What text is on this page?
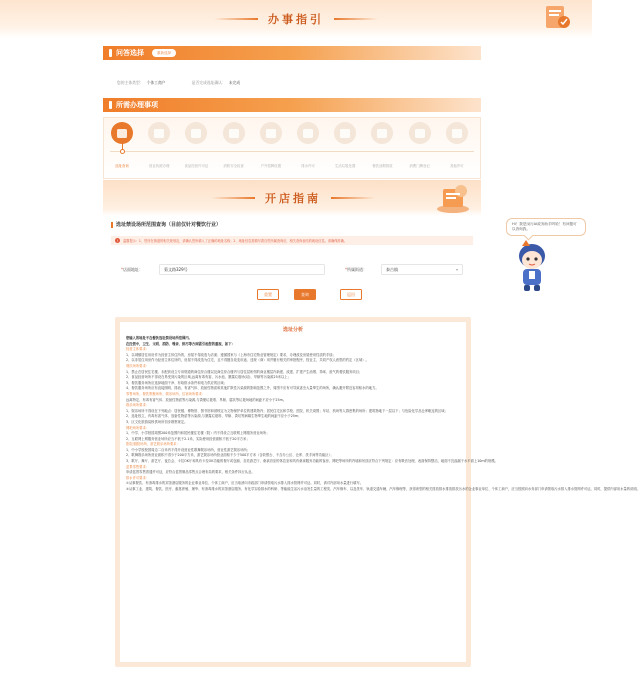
办事指引
问答选择	重新选择
您的主体类型： 个体工商户	是否完成选址确认： 未完成
所需办理事项
选址查询	营业执照办理	食品经营许可证	消防安全检查	户外招牌设置	排水许可	生活垃圾处置	餐饮油烟排放	消费门牌登记	其他许可
开店指南
选址禁设场所范围查询（目前仅针对餐饮行业）
!	温馨提示：1、您所在街道的相关规划及，请确认您所填入了正确的地址名称；2、地址信息需填写着自您所属查询后，相关查询表结的地址信息。请确保准确。
*店面地址：
菊文路329号	*所属街道：	泰古镇	▾
重置	查询	返回
选址分析
您输入的地址不在餐饮选址禁设场所范围内。
在经营中，卫生、文明、消防、噪音、排污等方面需引起您的重视，如下：
经营主体要求：
1、以城镇居住用房作为经营主体住所的，房屋不得改造为店面；遵循国家与《上海市住宅物业管理规定》要求，办理改变房屋使用性质的手续；
2、以非居住用房作为经营主体住所的，房屋不得改造为住宅，且不得擅自改变用途、违规（商）用并履行相关的审批程序，按业主、共同产权人意思的约定（区域）。
餐饮场所要求：
1、禁止在居民住宅楼、未配套设立专用烟道的商住综合楼以及商住综合楼内与居住层相邻的商业楼层内新建、改建、扩建产生油烟、异味、废气的餐饮服务项目；
2、食品经营场所不得设在易受到污染的区域,远离有毒有害、污水池、暴露垃圾场(站)、旱厕等污染源25米以上；
3、餐饮服务场所应选择地面干净、有给排水条件和电力供应的区域；
4、餐饮服务场所应有直接照明、排油、有害气体、放射性物质和其他扩散性污染源的影响范围之外，周围不应有可导致害虫大量孳生的场所，确认避开附近容易积水的地方。
零售场所、餐饮集聚场所、娱乐场所、住宿场所要求：
远离特定、有毒有害气体、放射性物质等污染源,与粪便垃圾堆、旱厕、腐坑等垃圾场地的间距不应小于25m。
娱乐场所要求：
1、娱乐场所不得设在下列地点：居民楼、博物馆、图书馆和被核定为文物保护单位的建筑物内；居民住宅区和学校、医院、机关周围；车站、机场等人群密集的场所；建筑物地下一层以下；与危险化学品仓库毗连的区域；
2、选址校立，有毒有害气体、放射性物质等污染源,与暴露垃圾堆、旱厕、粪坑等病媒生物孳生地的间距不应小于25m；
3、区文化旅游局核供场所初步勘察规定。
网吧场所要求：
1、中学、小学校园周围200米范围内和居民楼住宅楼（院）内不得设立互联网上网服务营业场所；
2、互联网上网服务营业场所应当不低于2.1米，实际使用经营面积不低于20平方米；
影院/剧院场所、游艺娱乐场所要求：
1、中小学校校园周边二百米内不得开设营业性歌舞娱乐场所，营业性游艺娱乐场所；
2、歌舞娱乐场所营业面积不得少于200平方米，游艺娱乐场所营业面积不少于500平方米（含收银台、不含办公区、仓库、洗手间等功能区）；
3、歌厅、舞厅、游艺厅、夜总会、卡拉OK厅和具有卡拉OK功能的餐厅或包厢、各类游艺厅、桑拿浴室的休息室和具有桑拿服务功能的客房、网吧等场所的内墙和吊顶应符合下列规定：应有吸音处理，表面保持整洁，地面不宜渗漏于水平面上10m的规模。
盆景零售要求：
申请盆景零售普通许可证，应符合盆景制品零售点合理布局的要求，相关条件执行从业。
排水许可要求：
①从事餐饮、有消毒排水的宾馆酒店服务的企业事业单位、个体工商户，应当取消向市政部门申请领取污水排入排水管网许可证。同时，请对内部用水量进行填写。
②从事工业、建筑、餐饮、医疗、畜禽养殖、屠宰、有消毒排水的宾馆酒店服务、有化学实验排水的科研、等能能生活污水治发生量的工程类、汽车修车、以及洗车、轨道交通车辆、汽车修理等，获得该型的相关排放排水排放排放污水的企业事业单位、个体工商户，应当按照向水务部门申请领取污水排入排水管网许可证。同时，提供内部用水量的说明。
Hi！我是闵行AI政务助手吗哈！有问题可以咨询我。
